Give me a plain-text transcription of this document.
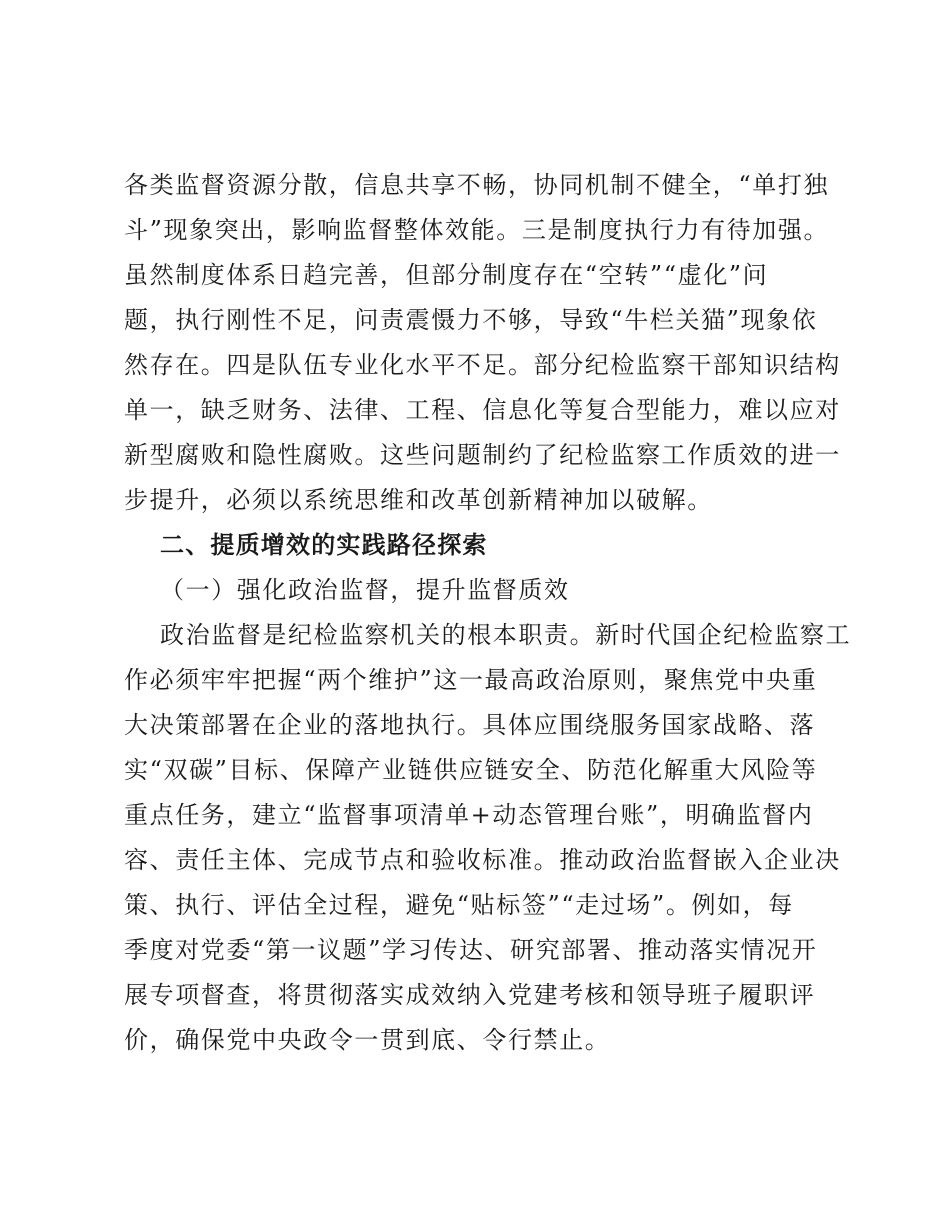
各类监督资源分散，信息共享不畅，协同机制不健全，“单打独
斗”现象突出，影响监督整体效能。三是制度执行力有待加强。
虽然制度体系日趋完善，但部分制度存在“空转”“虚化”问
题，执行刚性不足，问责震慑力不够，导致“牛栏关猫”现象依
然存在。四是队伍专业化水平不足。部分纪检监察干部知识结构
单一，缺乏财务、法律、工程、信息化等复合型能力，难以应对
新型腐败和隐性腐败。这些问题制约了纪检监察工作质效的进一
步提升，必须以系统思维和改革创新精神加以破解。
二、提质增效的实践路径探索
（一）强化政治监督，提升监督质效
政治监督是纪检监察机关的根本职责。新时代国企纪检监察工
作必须牢牢把握“两个维护”这一最高政治原则，聚焦党中央重
大决策部署在企业的落地执行。具体应围绕服务国家战略、落
实“双碳”目标、保障产业链供应链安全、防范化解重大风险等
重点任务，建立“监督事项清单+动态管理台账”，明确监督内
容、责任主体、完成节点和验收标准。推动政治监督嵌入企业决
策、执行、评估全过程，避免“贴标签”“走过场”。例如，每
季度对党委“第一议题”学习传达、研究部署、推动落实情况开
展专项督查，将贯彻落实成效纳入党建考核和领导班子履职评
价，确保党中央政令一贯到底、令行禁止。
